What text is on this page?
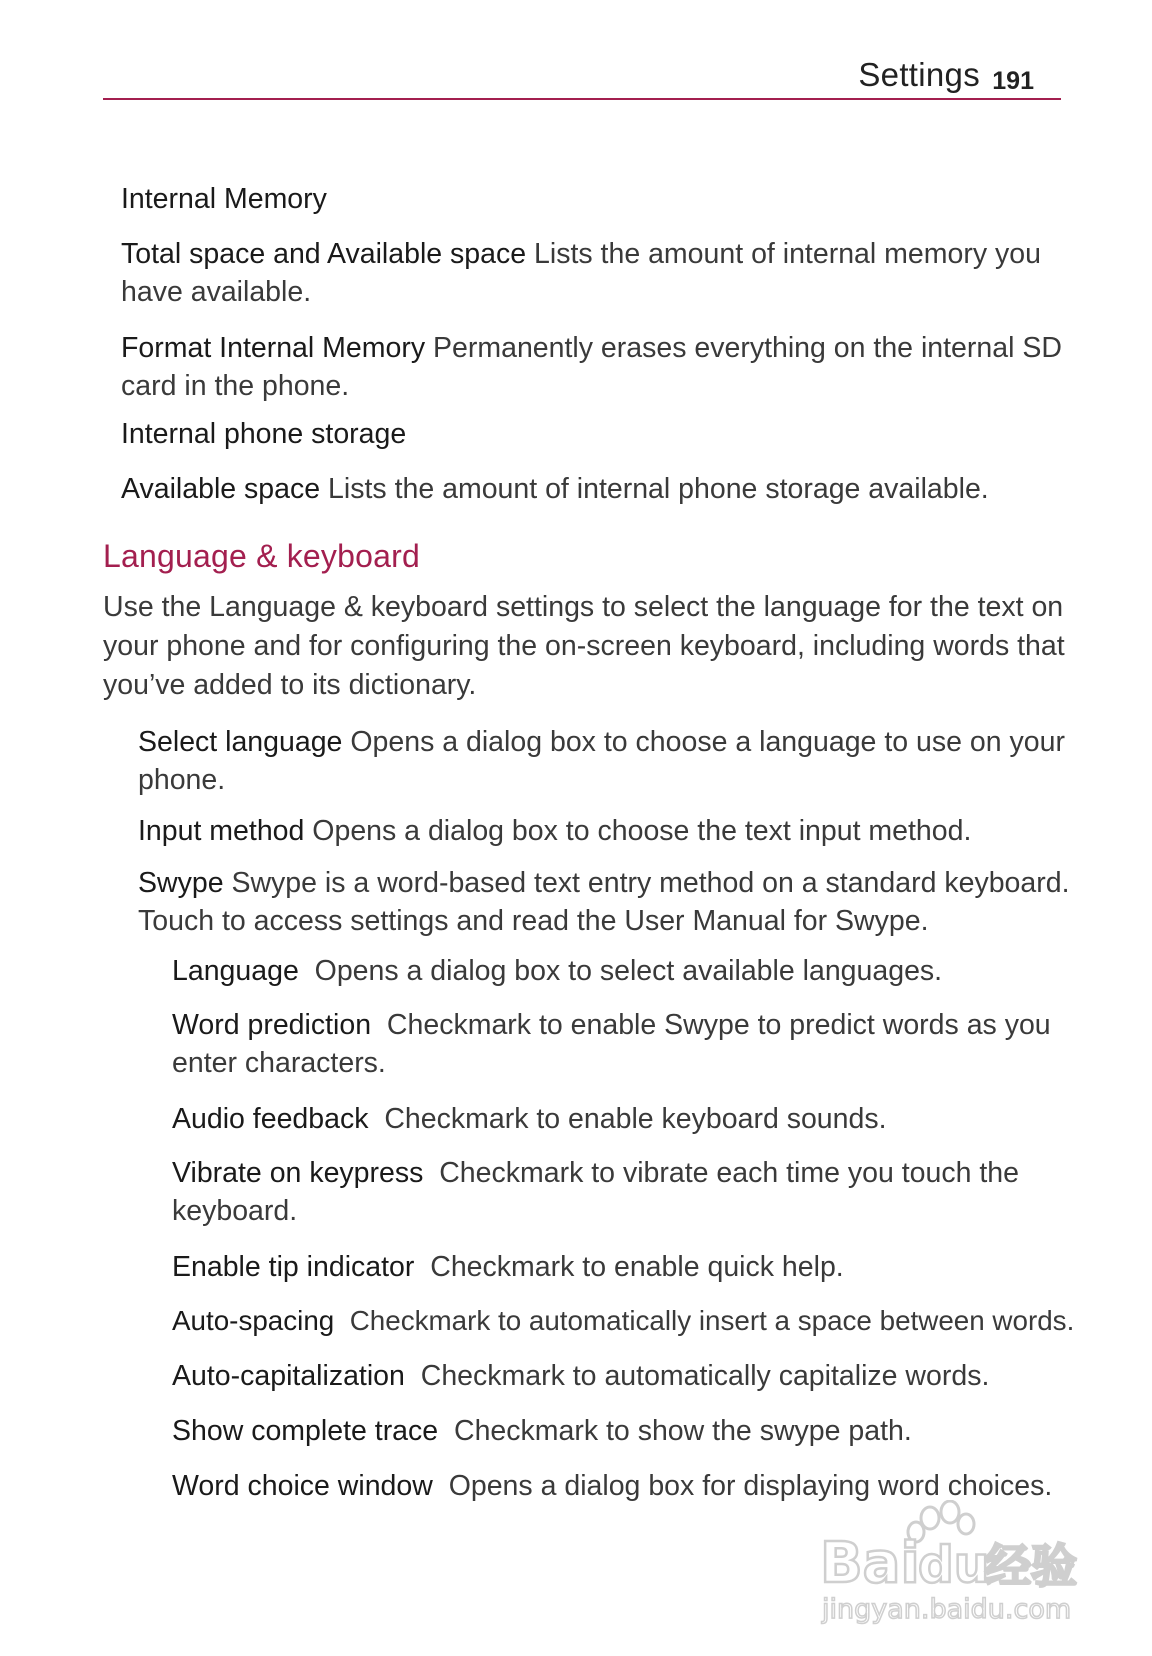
Settings 191
Internal Memory
Total space and Available space Lists the amount of internal memory you have available.
Format Internal Memory Permanently erases everything on the internal SD card in the phone.
Internal phone storage
Available space Lists the amount of internal phone storage available.
Language & keyboard
Use the Language & keyboard settings to select the language for the text on your phone and for configuring the on-screen keyboard, including words that you’ve added to its dictionary.
Select language Opens a dialog box to choose a language to use on your phone.
Input method Opens a dialog box to choose the text input method.
Swype Swype is a word-based text entry method on a standard keyboard. Touch to access settings and read the User Manual for Swype.
Language Opens a dialog box to select available languages.
Word prediction Checkmark to enable Swype to predict words as you enter characters.
Audio feedback Checkmark to enable keyboard sounds.
Vibrate on keypress Checkmark to vibrate each time you touch the keyboard.
Enable tip indicator Checkmark to enable quick help.
Auto-spacing Checkmark to automatically insert a space between words.
Auto-capitalization Checkmark to automatically capitalize words.
Show complete trace Checkmark to show the swype path.
Word choice window Opens a dialog box for displaying word choices.
Bai
du
经验
jingyan.baidu.com
